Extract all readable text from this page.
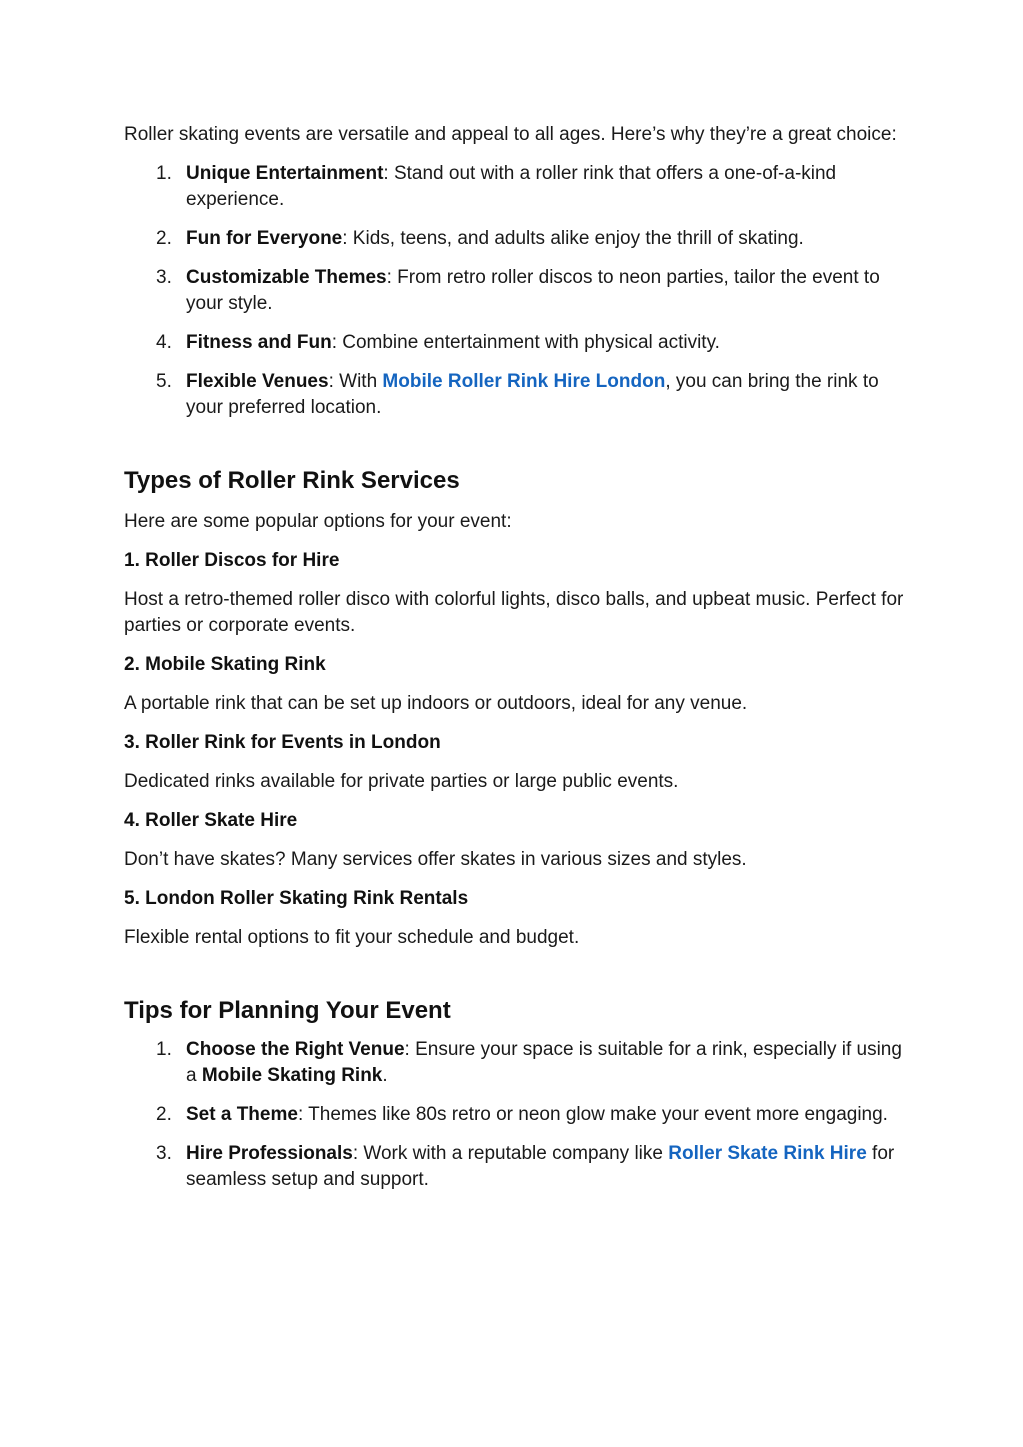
Roller skating events are versatile and appeal to all ages. Here’s why they’re a great choice:

1. Unique Entertainment: Stand out with a roller rink that offers a one-of-a-kind experience.
2. Fun for Everyone: Kids, teens, and adults alike enjoy the thrill of skating.
3. Customizable Themes: From retro roller discos to neon parties, tailor the event to your style.
4. Fitness and Fun: Combine entertainment with physical activity.
5. Flexible Venues: With Mobile Roller Rink Hire London, you can bring the rink to your preferred location.
Types of Roller Rink Services

Here are some popular options for your event:

1. Roller Discos for Hire

Host a retro-themed roller disco with colorful lights, disco balls, and upbeat music. Perfect for parties or corporate events.

2. Mobile Skating Rink

A portable rink that can be set up indoors or outdoors, ideal for any venue.

3. Roller Rink for Events in London

Dedicated rinks available for private parties or large public events.

4. Roller Skate Hire

Don’t have skates? Many services offer skates in various sizes and styles.

5. London Roller Skating Rink Rentals

Flexible rental options to fit your schedule and budget.

Tips for Planning Your Event
1. Choose the Right Venue: Ensure your space is suitable for a rink, especially if using a Mobile Skating Rink.
2. Set a Theme: Themes like 80s retro or neon glow make your event more engaging.
3. Hire Professionals: Work with a reputable company like Roller Skate Rink Hire for seamless setup and support.
